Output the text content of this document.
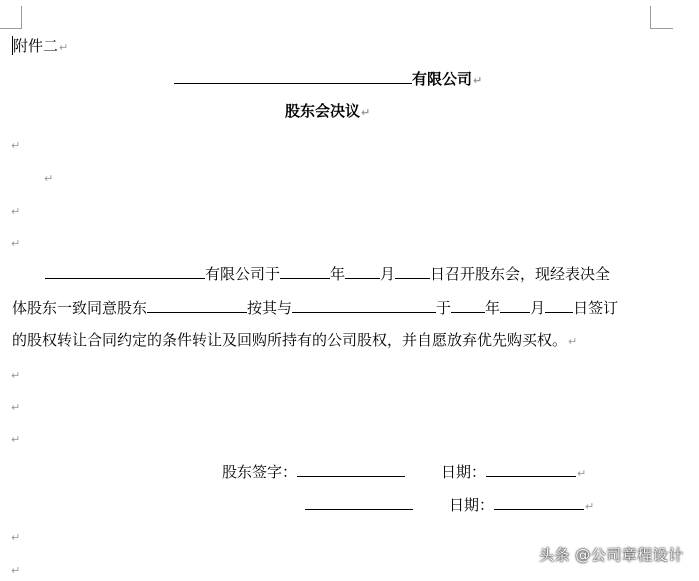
附件二↵
有限公司↵
股东会决议↵
↵
↵
↵
↵
有限公司于	年 月 日召开股东会，现经表决全
体股东一致同意股东	按其与	于 年 月 日签订
的股权转让合同约定的条件转让及回购所持有的公司股权，并自愿放弃优先购买权。↵
↵
↵
↵
股东签字：	日期：	↵
日期：	↵
↵
↵
头条 @公司章程设计
